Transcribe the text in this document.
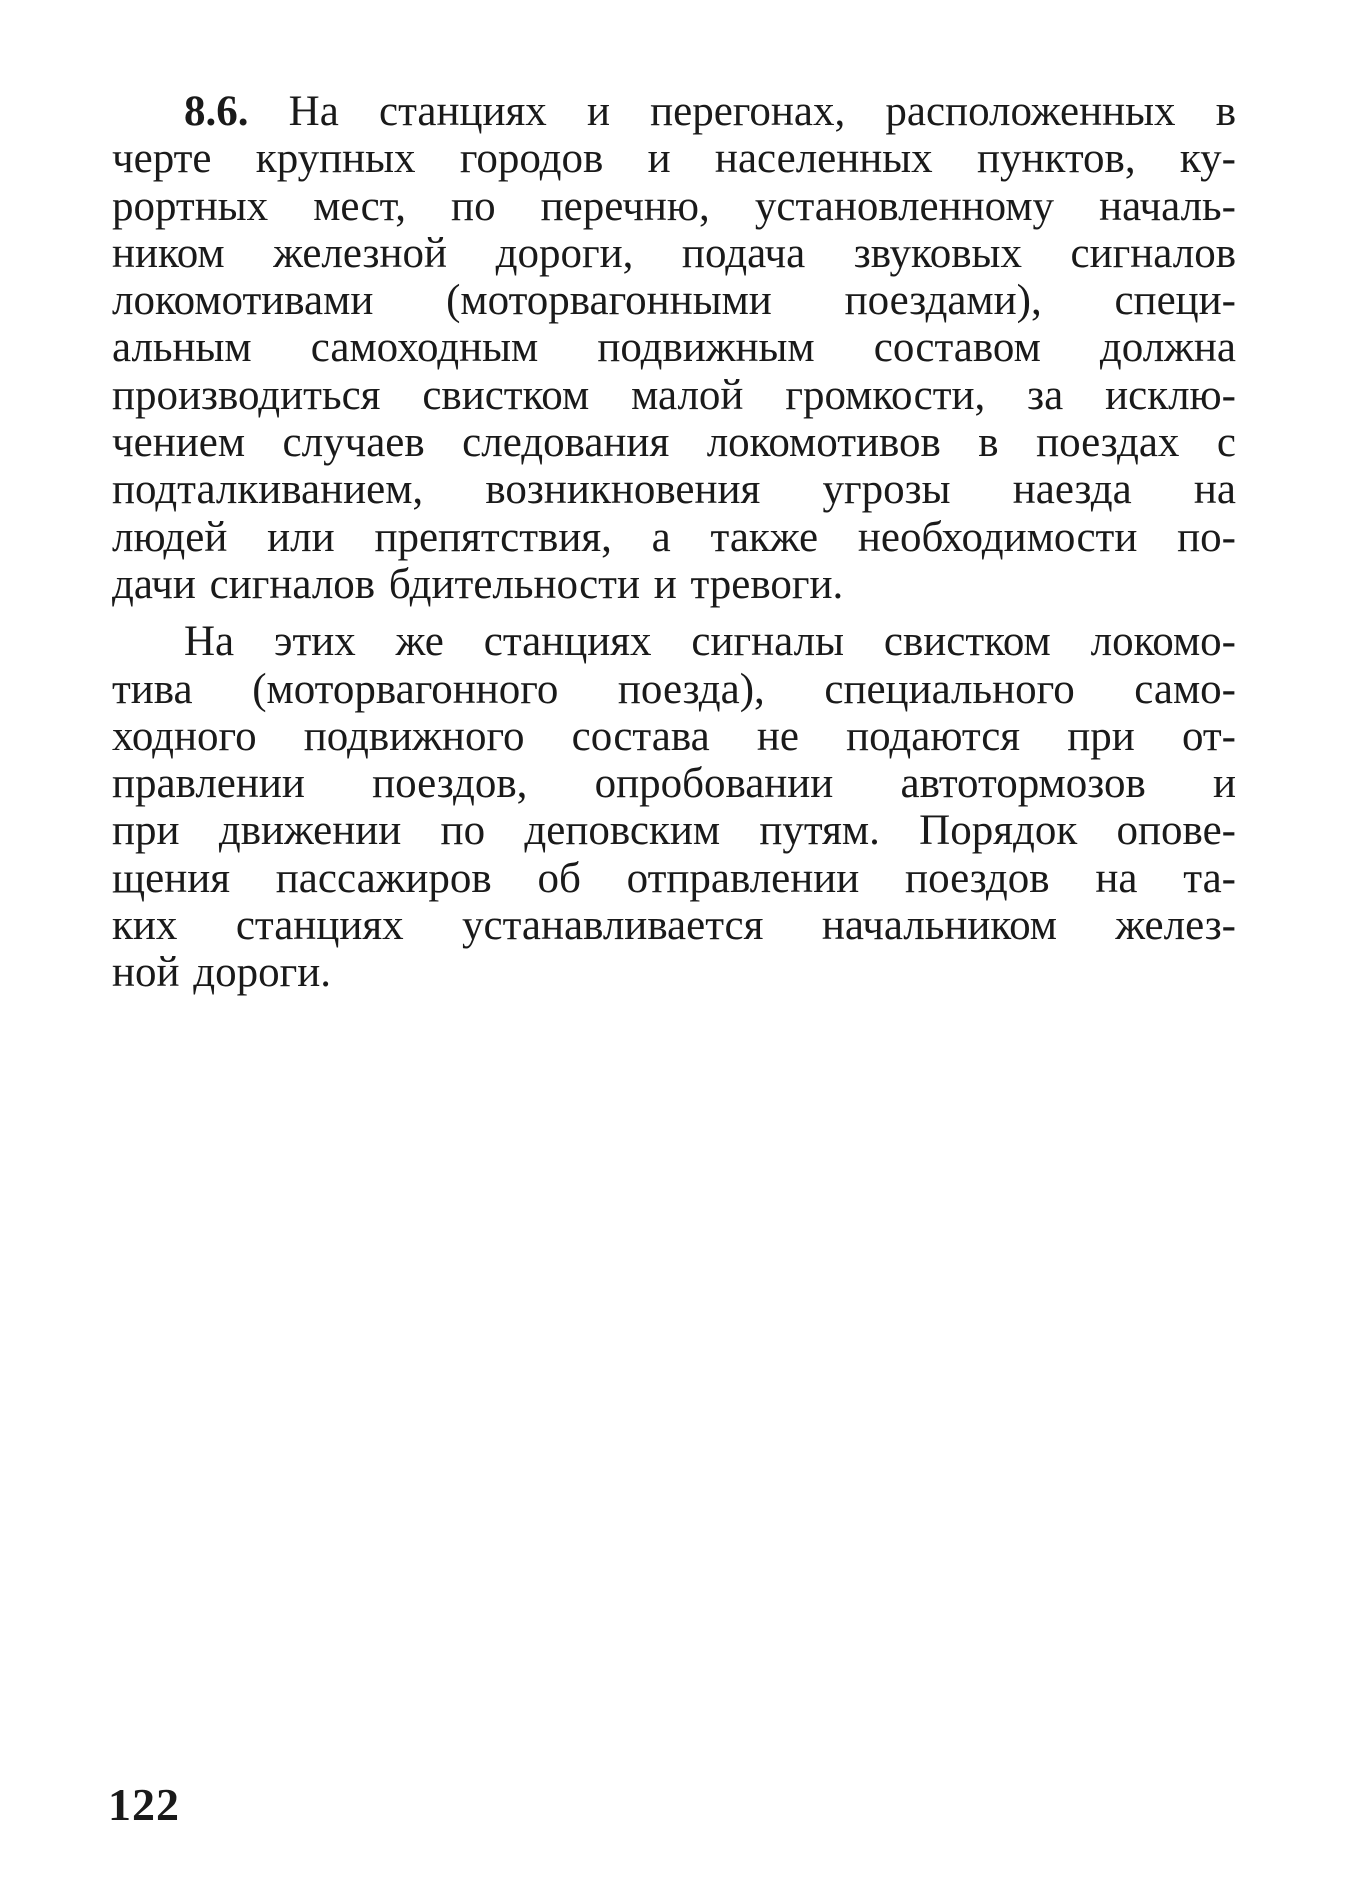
8.6. На станциях и перегонах, расположенных в
черте крупных городов и населенных пунктов, ку-
рортных мест, по перечню, установленному началь-
ником железной дороги, подача звуковых сигналов
локомотивами (моторвагонными поездами), специ-
альным самоходным подвижным составом должна
производиться свистком малой громкости, за исклю-
чением случаев следования локомотивов в поездах с
подталкиванием, возникновения угрозы наезда на
людей или препятствия, а также необходимости по-
дачи сигналов бдительности и тревоги.

На этих же станциях сигналы свистком локомо-
тива (моторвагонного поезда), специального само-
ходного подвижного состава не подаются при от-
правлении поездов, опробовании автотормозов и
при движении по деповским путям. Порядок опове-
щения пассажиров об отправлении поездов на та-
ких станциях устанавливается начальником желез-
ной дороги.

122
